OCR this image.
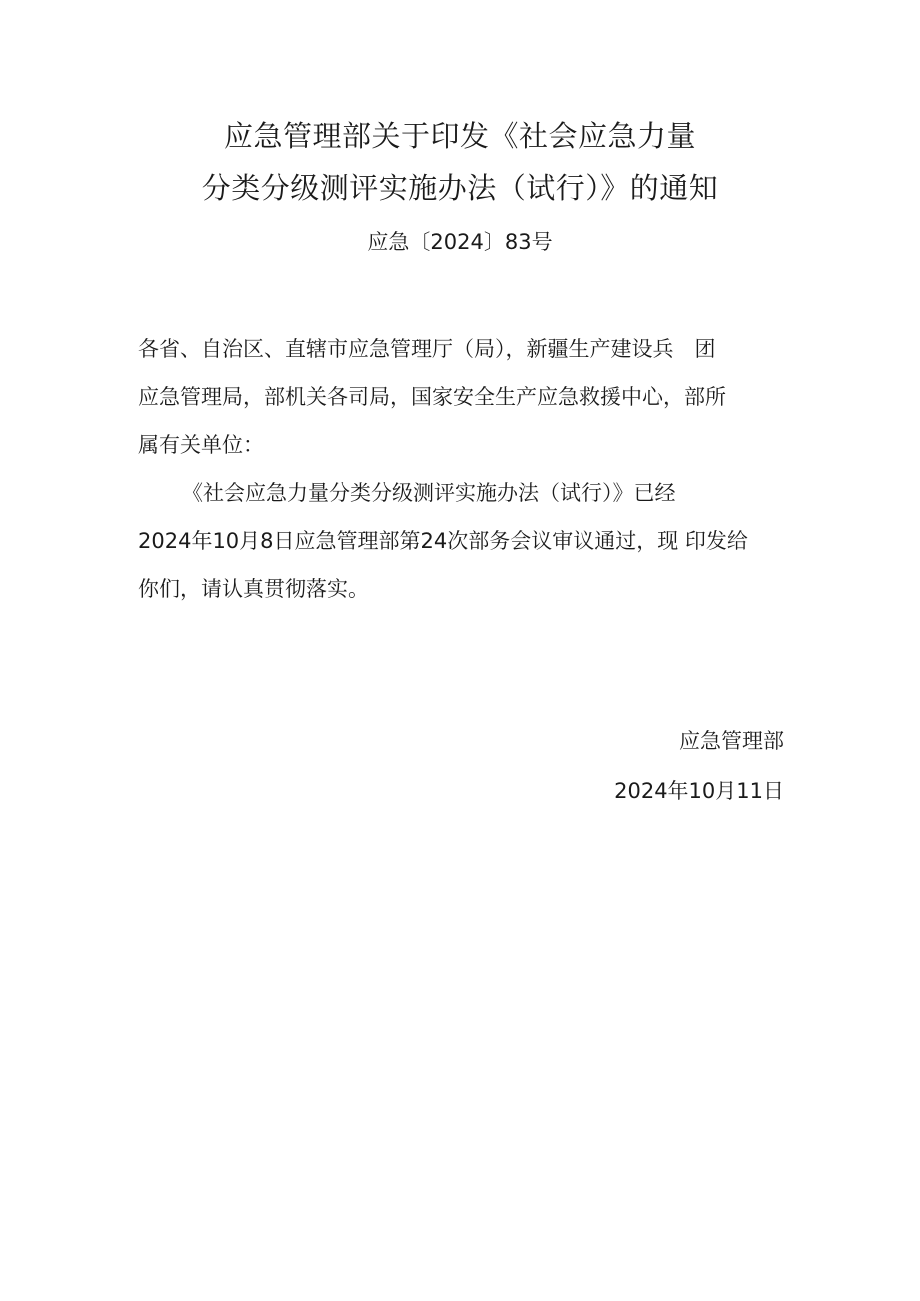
应急管理部关于印发《社会应急力量
分类分级测评实施办法（试行）》的通知
应急〔2024〕83号
各省、自治区、直辖市应急管理厅（局），新疆生产建设兵　团
应急管理局，部机关各司局，国家安全生产应急救援中心，部所
属有关单位：
《社会应急力量分类分级测评实施办法（试行）》已经
2024年10月8日应急管理部第24次部务会议审议通过，现 印发给
你们，请认真贯彻落实。
应急管理部
2024年10月11日
